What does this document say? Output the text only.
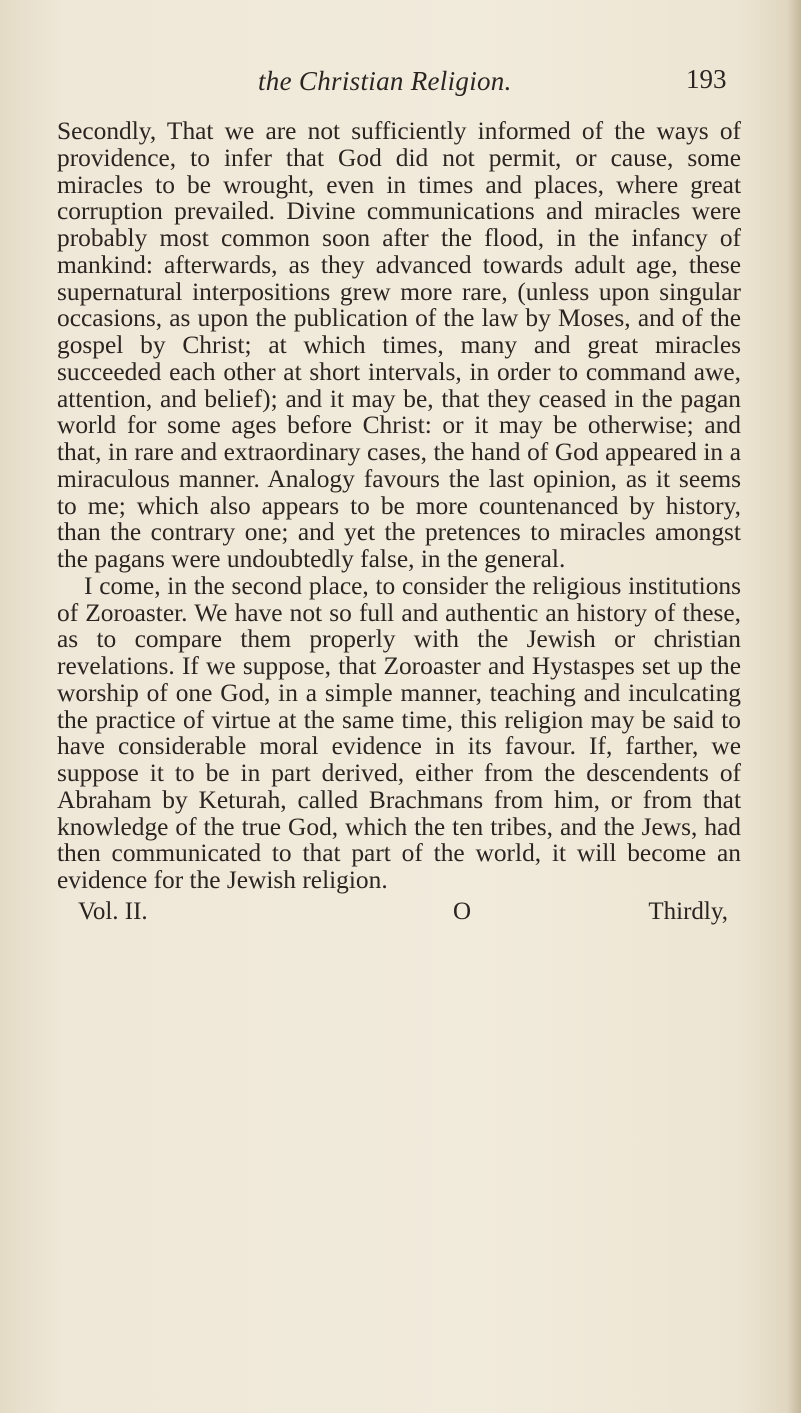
the Christian Religion.	193

Secondly, That we are not sufficiently informed of the ways of providence, to infer that God did not permit, or cause, some miracles to be wrought, even in times and places, where great corruption prevailed. Divine communications and miracles were probably most common soon after the flood, in the infancy of mankind: afterwards, as they advanced towards adult age, these supernatural interpositions grew more rare, (unless upon singular occasions, as upon the publication of the law by Moses, and of the gospel by Christ; at which times, many and great miracles succeeded each other at short intervals, in order to command awe, attention, and belief); and it may be, that they ceased in the pagan world for some ages before Christ: or it may be otherwise; and that, in rare and extraordinary cases, the hand of God appeared in a miraculous manner. Analogy favours the last opinion, as it seems to me; which also appears to be more countenanced by history, than the contrary one; and yet the pretences to miracles amongst the pagans were undoubtedly false, in the general.

I come, in the second place, to consider the religious institutions of Zoroaster. We have not so full and authentic an history of these, as to compare them properly with the Jewish or christian revelations. If we suppose, that Zoroaster and Hystaspes set up the worship of one God, in a simple manner, teaching and inculcating the practice of virtue at the same time, this religion may be said to have considerable moral evidence in its favour. If, farther, we suppose it to be in part derived, either from the descendents of Abraham by Keturah, called Brachmans from him, or from that knowledge of the true God, which the ten tribes, and the Jews, had then communicated to that part of the world, it will become an evidence for the Jewish religion.

Vol. II.	O	Thirdly,
